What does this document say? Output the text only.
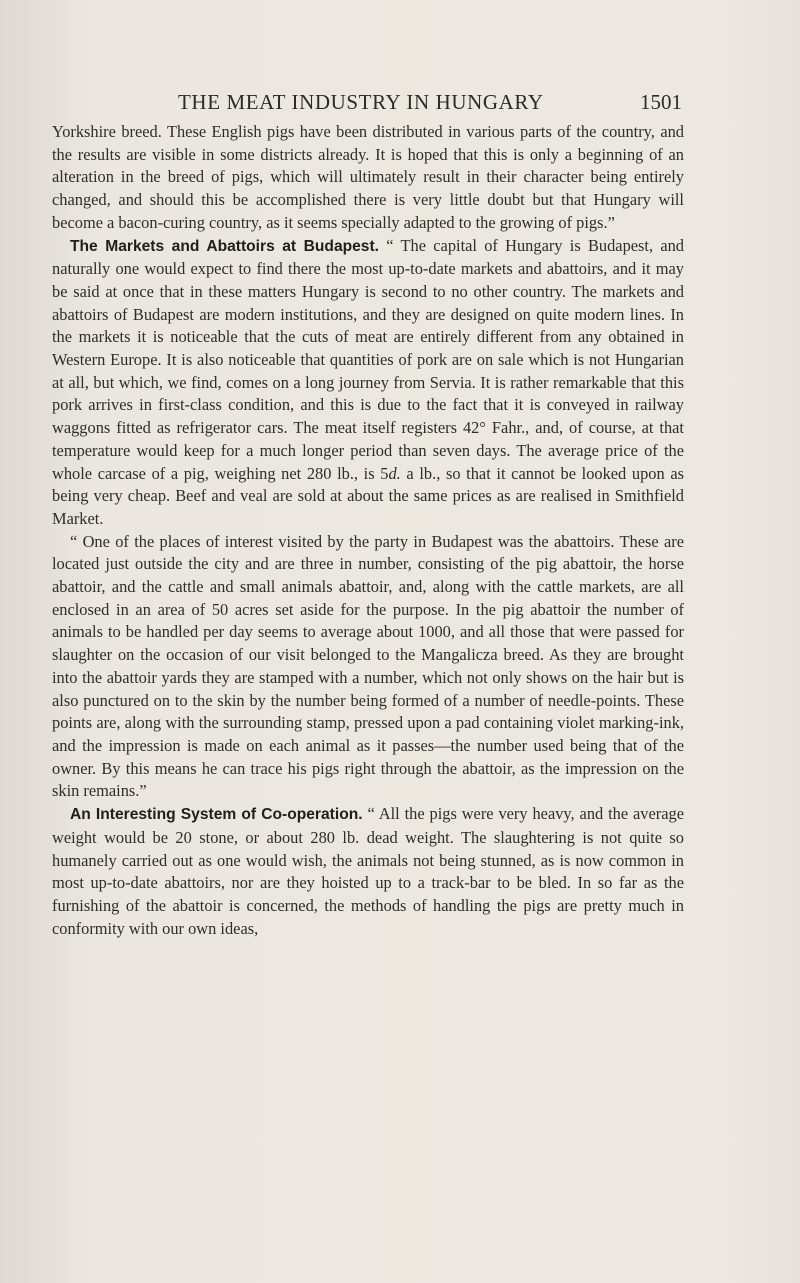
THE MEAT INDUSTRY IN HUNGARY	1501

Yorkshire breed. These English pigs have been distributed in various parts of the country, and the results are visible in some districts already. It is hoped that this is only a beginning of an alteration in the breed of pigs, which will ultimately result in their character being entirely changed, and should this be accomplished there is very little doubt but that Hungary will become a bacon-curing country, as it seems specially adapted to the growing of pigs.”

The Markets and Abattoirs at Budapest. “ The capital of Hungary is Budapest, and naturally one would expect to find there the most up-to-date markets and abattoirs, and it may be said at once that in these matters Hungary is second to no other country. The markets and abattoirs of Budapest are modern institutions, and they are designed on quite modern lines. In the markets it is noticeable that the cuts of meat are entirely different from any obtained in Western Europe. It is also noticeable that quantities of pork are on sale which is not Hungarian at all, but which, we find, comes on a long journey from Servia. It is rather remarkable that this pork arrives in first-class condition, and this is due to the fact that it is conveyed in railway waggons fitted as refrigerator cars. The meat itself registers 42° Fahr., and, of course, at that temperature would keep for a much longer period than seven days. The average price of the whole carcase of a pig, weighing net 280 lb., is 5d. a lb., so that it cannot be looked upon as being very cheap. Beef and veal are sold at about the same prices as are realised in Smithfield Market.

“ One of the places of interest visited by the party in Budapest was the abattoirs. These are located just outside the city and are three in number, consisting of the pig abattoir, the horse abattoir, and the cattle and small animals abattoir, and, along with the cattle markets, are all enclosed in an area of 50 acres set aside for the purpose. In the pig abattoir the number of animals to be handled per day seems to average about 1000, and all those that were passed for slaughter on the occasion of our visit belonged to the Mangalicza breed. As they are brought into the abattoir yards they are stamped with a number, which not only shows on the hair but is also punctured on to the skin by the number being formed of a number of needle-points. These points are, along with the surrounding stamp, pressed upon a pad containing violet marking-ink, and the impression is made on each animal as it passes—the number used being that of the owner. By this means he can trace his pigs right through the abattoir, as the impression on the skin remains.”

An Interesting System of Co-operation. “ All the pigs were very heavy, and the average weight would be 20 stone, or about 280 lb. dead weight. The slaughtering is not quite so humanely carried out as one would wish, the animals not being stunned, as is now common in most up-to-date abattoirs, nor are they hoisted up to a track-bar to be bled. In so far as the furnishing of the abattoir is concerned, the methods of handling the pigs are pretty much in conformity with our own ideas,
